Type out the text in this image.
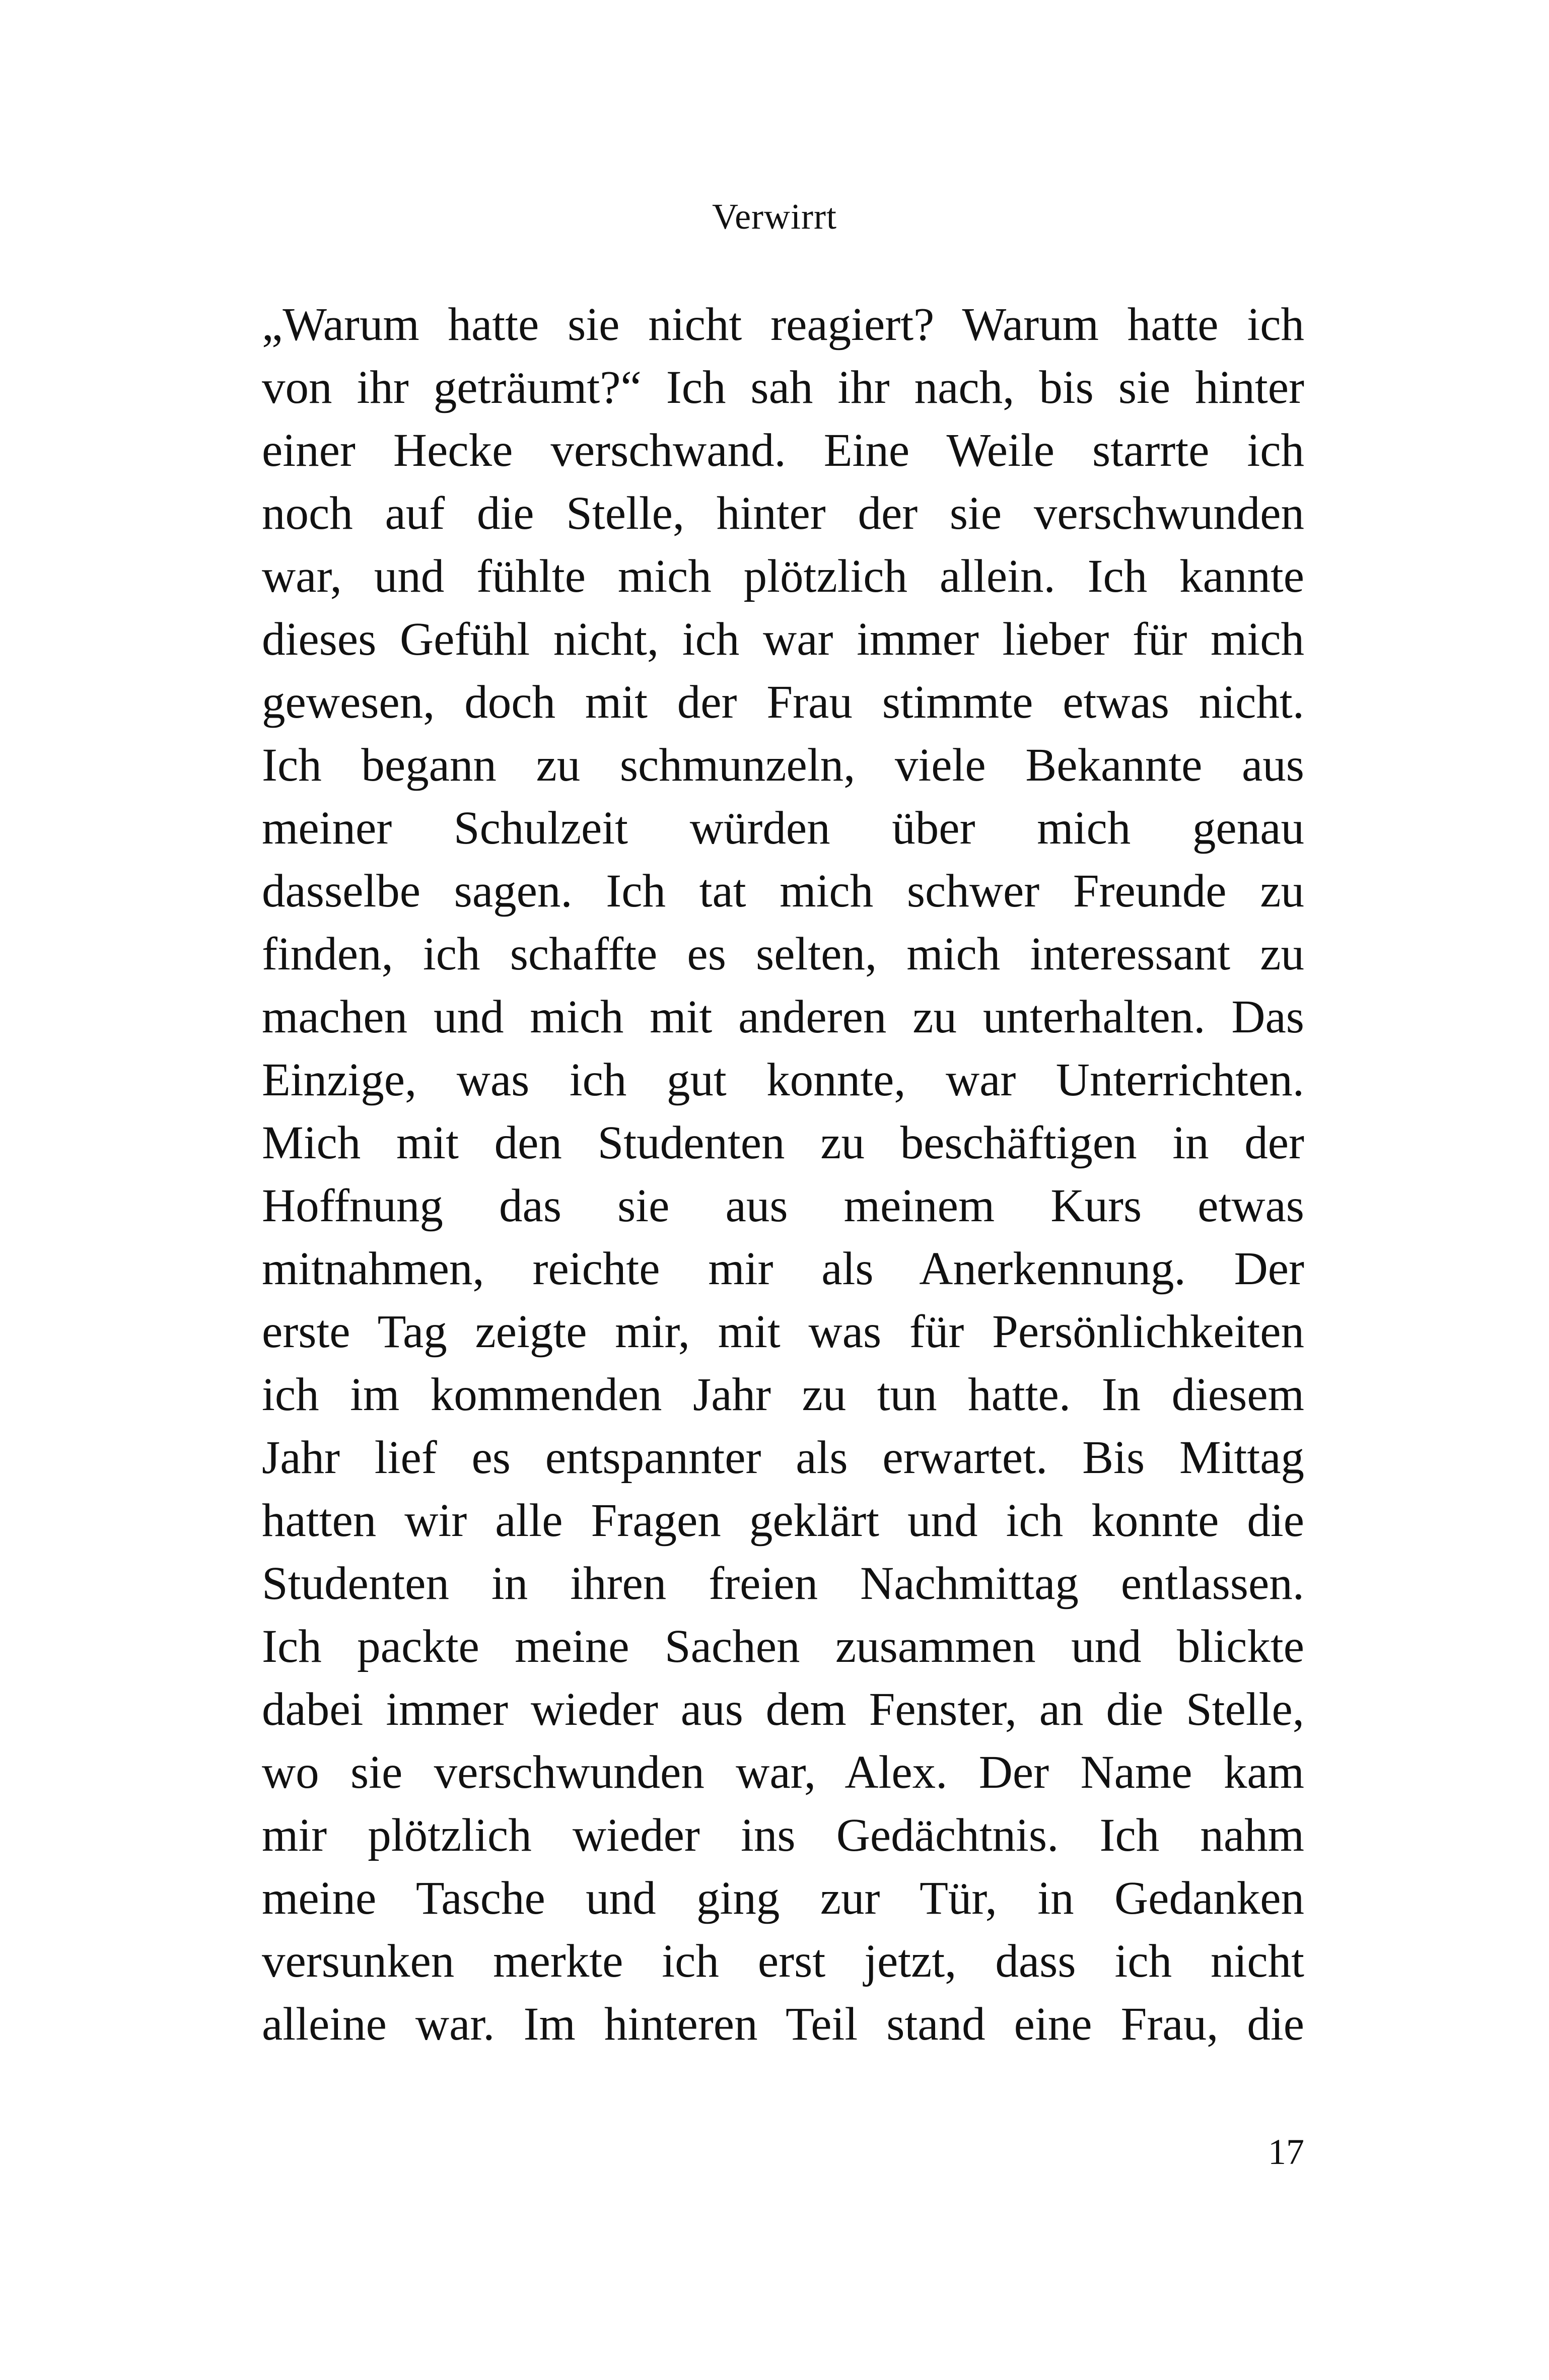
Verwirrt
„Warum hatte sie nicht reagiert? Warum hatte ich
von ihr geträumt?“ Ich sah ihr nach, bis sie hinter
einer Hecke verschwand. Eine Weile starrte ich
noch auf die Stelle, hinter der sie verschwunden
war, und fühlte mich plötzlich allein. Ich kannte
dieses Gefühl nicht, ich war immer lieber für mich
gewesen, doch mit der Frau stimmte etwas nicht.
Ich begann zu schmunzeln, viele Bekannte aus
meiner Schulzeit würden über mich genau
dasselbe sagen. Ich tat mich schwer Freunde zu
finden, ich schaffte es selten, mich interessant zu
machen und mich mit anderen zu unterhalten. Das
Einzige, was ich gut konnte, war Unterrichten.
Mich mit den Studenten zu beschäftigen in der
Hoffnung das sie aus meinem Kurs etwas
mitnahmen, reichte mir als Anerkennung. Der
erste Tag zeigte mir, mit was für Persönlichkeiten
ich im kommenden Jahr zu tun hatte. In diesem
Jahr lief es entspannter als erwartet. Bis Mittag
hatten wir alle Fragen geklärt und ich konnte die
Studenten in ihren freien Nachmittag entlassen.
Ich packte meine Sachen zusammen und blickte
dabei immer wieder aus dem Fenster, an die Stelle,
wo sie verschwunden war, Alex. Der Name kam
mir plötzlich wieder ins Gedächtnis. Ich nahm
meine Tasche und ging zur Tür, in Gedanken
versunken merkte ich erst jetzt, dass ich nicht
alleine war. Im hinteren Teil stand eine Frau, die
17
